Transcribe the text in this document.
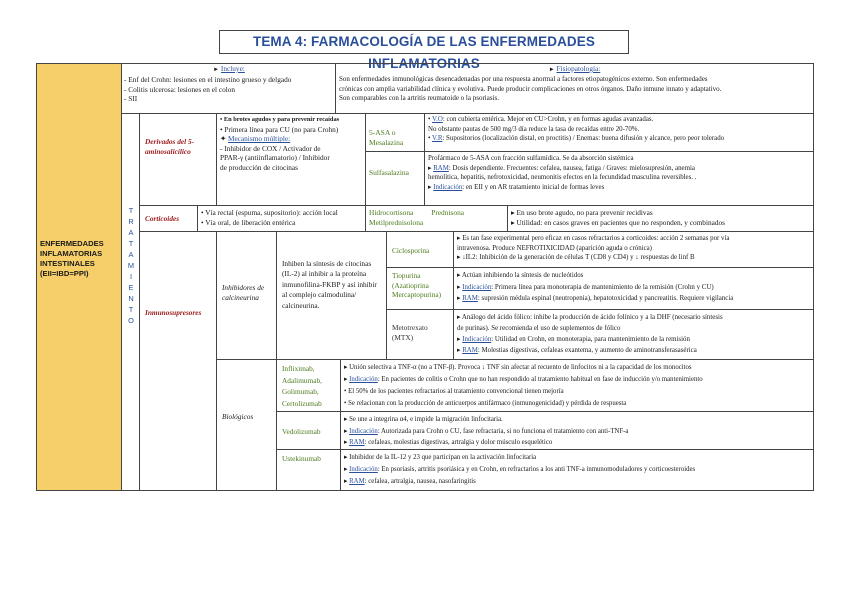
TEMA 4: FARMACOLOGÍA DE LAS ENFERMEDADES INFLAMATORIAS
ENFERMEDADES INFLAMATORIAS INTESTINALES (EII=IBD=PPI)
► Incluye:
- Enf del Crohn: lesiones en el intestino grueso y delgado
- Colitis ulcerosa: lesiones en el colon
- SII
► Fisiopatología:
Son enfermedades inmunológicas desencadenadas por una respuesta anormal a factores etiopatogénicos externo. Son enfermedades
crónicas con amplia variabilidad clínica y evolutiva. Puede producir complicaciones en otros órganos. Daño inmune innato y adaptativo.
Son comparables con la artritis reumatoide o la psoriasis.
T
R
A
T
A
M
I
E
N
T
O
Derivados del 5-aminosalicílico
• En brotes agudos y para prevenir recaídas
• Primera línea para CU (no para Crohn)
✦ Mecanismo múltiple:
- Inhibidor de COX / Activador de
PPAR-γ (antiinflamatorio) / Inhibidor
de producción de citocinas
5-ASA o Mesalazina
• V.O: con cubierta entérica. Mejor en CU>Crohn, y en formas agudas avanzadas.
No obstante pautas de 500 mg/3 día reduce la tasa de recaídas entre 20-70%.
• V.R: Supositorios (localización distal, en proctitis) / Enemas: buena difusión y alcance, pero peor tolerado
Sulfasalazina
Profármaco de 5-ASA con fracción sulfamídica. Se da absorción sistémica
▸ RAM: Dosis dependiente. Frecuentes: cefalea, nausea, fatiga / Graves: mielosupresión, anemia
hemolítica, hepatitis, nefrotoxicidad, neumonitis efectos en la fecundidad masculina reversibles. .
▸ Indicación: en EII y en AR tratamiento inicial de formas leves
Corticoides
• Vía rectal (espuma, supositorio): acción local
• Vía oral, de liberación entérica
Hidrocortisona Prednisona
Metilprednisolona
▸ En uso brote agudo, no para prevenir recidivas
▸ Utilidad: en casos graves en pacientes que no responden, y combinados
Inmunosupresores
Inhibidores de calcineurina
Inhiben la síntesis de citocinas (IL-2) al inhibir a la proteína inmunofilina-FKBP y así inhibir al complejo calmodulina/ calcineurina.
Ciclosporina
▸ Es tan fase experimental pero eficaz en casos refractarios a corticoides: acción 2 semanas por vía
intravenosa. Produce NEFROTIXICIDAD (aparición aguda o crónica)
▸ ↓IL2: Inhibición de la generación de células T (CD8 y CD4) y ↓ respuestas de linf B
Tiopurina (Azatioprina Mercaptopurina)
▸ Actúan inhibiendo la síntesis de nucleótidos
▸ Indicación: Primera línea para monoterapia de mantenimiento de la remisión (Crohn y CU)
▸ RAM: supresión médula espinal (neutropenia), hepatotoxicidad y pancreatitis. Requiere vigilancia
Metotrexato (MTX)
▸ Análogo del ácido fólico: inhibe la producción de ácido folínico y a la DHF (necesario síntesis
de purinas). Se recomienda el uso de suplementos de fólico
▸ Indicación: Utilidad en Crohn, en monoterapia, para mantenimiento de la remisión
▸ RAM: Molestias digestivas, cefaleas exantema, y aumento de aminotransferasasérica
Biológicos
Infliximab,
Adalimumab,
Golimumab,
Certolizumab
▸ Unión selectiva a TNF-α (no a TNF-β). Provoca ↓ TNF sin afectar al recuento de linfocitos ni a la capacidad de los monocitos
▸ Indicación: En pacientes de colitis o Crohn que no han respondido al tratamiento habitual en fase de inducción y/o mantenimiento
• El 50% de los pacientes refractarios al tratamiento convencional tienen mejoría
• Se relacionan con la producción de anticuerpos antifármaco (inmunogenicidad) y pérdida de respuesta
Vedolizumab
▸ Se une a integrina α4, e impide la migración linfocitaria.
▸ Indicación: Autorizada para Crohn o CU, fase refractaria, si no funciona el tratamiento con anti-TNF-a
▸ RAM: cefaleas, molestias digestivas, artralgia y dolor músculo esquelético
Ustekinumab	▸ Inhibidor de la IL-12 y 23 que participan en la activación linfocitaria
▸ Indicación: En psoriasis, artritis psoriásica y en Crohn, en refractarios a los anti TNF-a inmunomoduladores y corticoesteroides
▸ RAM: cefalea, artralgia, nausea, nasofaringitis
